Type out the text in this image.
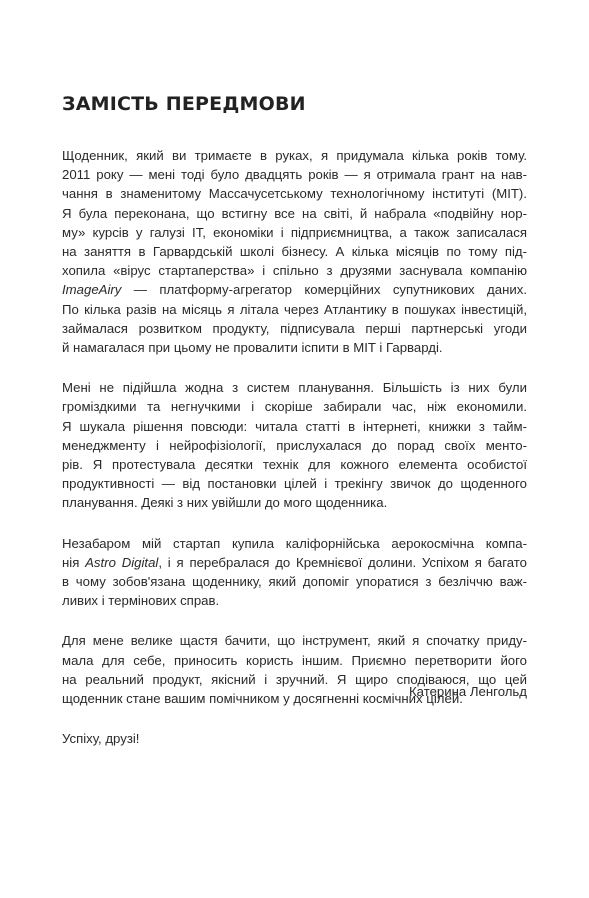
ЗАМІСТЬ ПЕРЕДМОВИ

Щоденник, який ви тримаєте в руках, я придумала кілька років тому.
2011 року — мені тоді було двадцять років — я отримала грант на нав-
чання в знаменитому Массачусетському технологічному інституті (MIT).
Я була переконана, що встигну все на світі, й набрала «подвійну нор-
му» курсів у галузі IT, економіки і підприємництва, а також записалася
на заняття в Гарвардській школі бізнесу. А кілька місяців по тому під-
хопила «вірус стартаперства» і спільно з друзями заснувала компанію
ImageAiry — платформу-агрегатор комерційних супутникових даних.
По кілька разів на місяць я літала через Атлантику в пошуках інвестицій,
займалася розвитком продукту, підписувала перші партнерські угоди
й намагалася при цьому не провалити іспити в MIT і Гарварді.

Мені не підійшла жодна з систем планування. Більшість із них були
громіздкими та негнучкими і скоріше забирали час, ніж економили.
Я шукала рішення повсюди: читала статті в інтернеті, книжки з тайм-
менеджменту і нейрофізіології, прислухалася до порад своїх менто-
рів. Я протестувала десятки технік для кожного елемента особистої
продуктивності — від постановки цілей і трекінгу звичок до щоденного
планування. Деякі з них увійшли до мого щоденника.

Незабаром мій стартап купила каліфорнійська аерокосмічна компа-
нія Astro Digital, і я перебралася до Кремнієвої долини. Успіхом я багато
в чому зобов'язана щоденнику, який допоміг упоратися з безліччю важ-
ливих і термінових справ.

Для мене велике щастя бачити, що інструмент, який я спочатку приду-
мала для себе, приносить користь іншим. Приємно перетворити його
на реальний продукт, якісний і зручний. Я щиро сподіваюся, що цей
щоденник стане вашим помічником у досягненні космічних цілей.

Успіху, друзі!

Катерина Ленгольд
